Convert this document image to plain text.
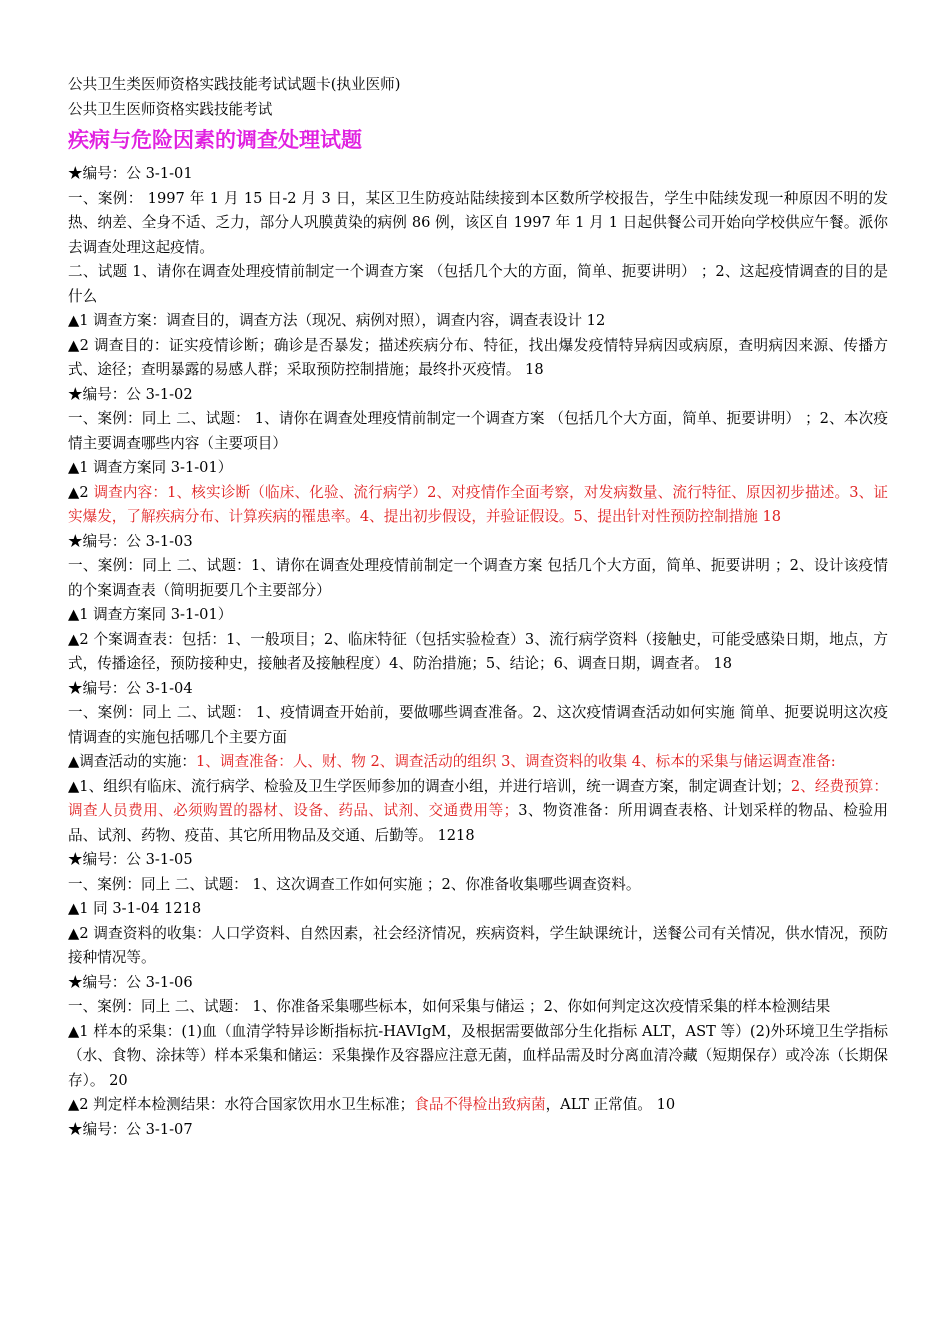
公共卫生类医师资格实践技能考试试题卡(执业医师)

公共卫生医师资格实践技能考试

疾病与危险因素的调查处理试题

★编号：公 3-1-01

一、案例： 1997 年 1 月 15 日-2 月 3 日，某区卫生防疫站陆续接到本区数所学校报告，学生中陆续发现一种原因不明的发热、纳差、全身不适、乏力，部分人巩膜黄染的病例 86 例，该区自 1997 年 1 月 1 日起供餐公司开始向学校供应午餐。派你去调查处理这起疫情。

二、试题 1、请你在调查处理疫情前制定一个调查方案 （包括几个大的方面，简单、扼要讲明） ；2、这起疫情调查的目的是什么

▲1 调查方案：调查目的，调查方法（现况、病例对照），调查内容，调查表设计 12

▲2 调查目的：证实疫情诊断；确诊是否暴发；描述疾病分布、特征，找出爆发疫情特异病因或病原，查明病因来源、传播方式、途径；查明暴露的易感人群；采取预防控制措施；最终扑灭疫情。 18

★编号：公 3-1-02

一、案例：同上 二、试题： 1、请你在调查处理疫情前制定一个调查方案 （包括几个大方面，简单、扼要讲明） ；2、本次疫情主要调查哪些内容（主要项目）

▲1 调查方案同 3-1-01）

▲2 调查内容：1、核实诊断（临床、化验、流行病学）2、对疫情作全面考察，对发病数量、流行特征、原因初步描述。3、证实爆发，了解疾病分布、计算疾病的罹患率。4、提出初步假设，并验证假设。5、提出针对性预防控制措施 18

★编号：公 3-1-03

一、案例：同上 二、试题：1、请你在调查处理疫情前制定一个调查方案 包括几个大方面，简单、扼要讲明 ；2、设计该疫情的个案调查表（简明扼要几个主要部分）

▲1 调查方案同 3-1-01）

▲2 个案调查表：包括：1、一般项目；2、临床特征（包括实验检查）3、流行病学资料（接触史，可能受感染日期，地点，方式，传播途径，预防接种史，接触者及接触程度）4、防治措施；5、结论；6、调查日期，调查者。 18

★编号：公 3-1-04

一、案例：同上 二、试题： 1、疫情调查开始前，要做哪些调查准备。2、这次疫情调查活动如何实施 简单、扼要说明这次疫情调查的实施包括哪几个主要方面

▲调查活动的实施：1、调查准备：人、财、物 2、调查活动的组织 3、调查资料的收集 4、标本的采集与储运调查准备:

▲1、组织有临床、流行病学、检验及卫生学医师参加的调查小组，并进行培训，统一调查方案，制定调查计划；2、经费预算：调查人员费用、必须购置的器材、设备、药品、试剂、交通费用等；3、物资准备：所用调查表格、计划采样的物品、检验用品、试剂、药物、疫苗、其它所用物品及交通、后勤等。 1218

★编号：公 3-1-05

一、案例：同上 二、试题： 1、这次调查工作如何实施 ；2、你准备收集哪些调查资料。

▲1 同 3-1-04 1218

▲2 调查资料的收集：人口学资料、自然因素，社会经济情况，疾病资料，学生缺课统计，送餐公司有关情况，供水情况，预防接种情况等。

★编号：公 3-1-06

一、案例：同上 二、试题： 1、你准备采集哪些标本，如何采集与储运 ；2、你如何判定这次疫情采集的样本检测结果

▲1 样本的采集：(1)血（血清学特异诊断指标抗-HAVIgM，及根据需要做部分生化指标 ALT，AST 等）(2)外环境卫生学指标（水、食物、涂抹等）样本采集和储运：采集操作及容器应注意无菌，血样品需及时分离血清冷藏（短期保存）或冷冻（长期保存）。 20

▲2 判定样本检测结果：水符合国家饮用水卫生标准；食品不得检出致病菌，ALT 正常值。 10

★编号：公 3-1-07
